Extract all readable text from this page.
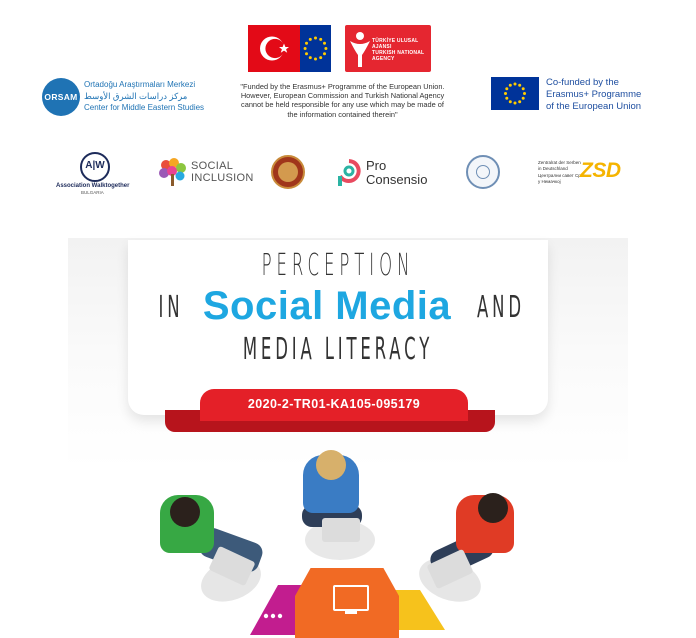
TÜRKİYE ULUSAL AJANSI
TURKISH NATIONAL AGENCY
"Funded by the Erasmus+ Programme of the European Union. However, European Commission and Turkish National Agency cannot be held responsible for any use which may be made of the information contained therein"
ORSAM
Ortadoğu Araştırmaları Merkezi
مركز دراسات الشرق الأوسط
Center for Middle Eastern Studies
Co-funded by the
Erasmus+ Programme
of the European Union
A|W
Association Walktogether
BULGARIA
SOCIAL
INCLUSION
Pro
Consensio
Zentralrat der Serben
in Deutschland
Централни савет Срба
у Немачкој ZSD
PERCEPTION
IN Social Media AND
MEDIA LITERACY
2020-2-TR01-KA105-095179
